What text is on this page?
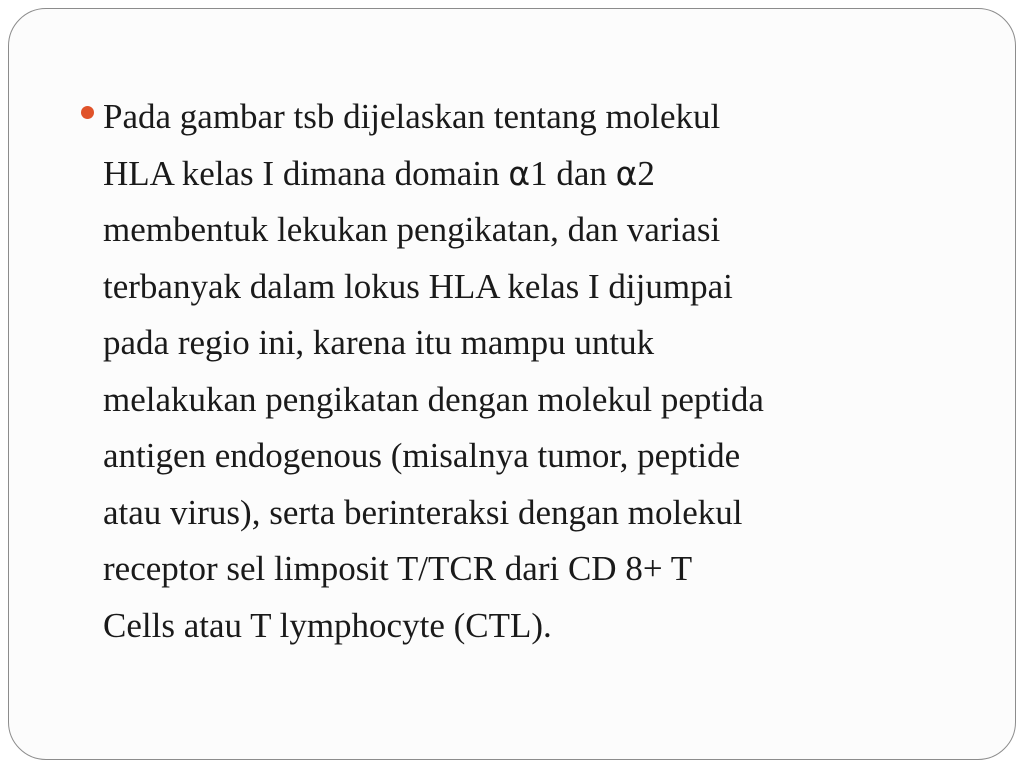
Pada gambar tsb dijelaskan tentang molekul
HLA kelas I dimana domain α1 dan α2
membentuk lekukan pengikatan, dan variasi
terbanyak dalam lokus HLA kelas I dijumpai
pada regio ini, karena itu mampu untuk
melakukan pengikatan dengan molekul peptida
antigen endogenous (misalnya tumor, peptide
atau virus), serta berinteraksi dengan molekul
receptor sel limposit T/TCR dari CD 8+ T
Cells atau T lymphocyte (CTL).
